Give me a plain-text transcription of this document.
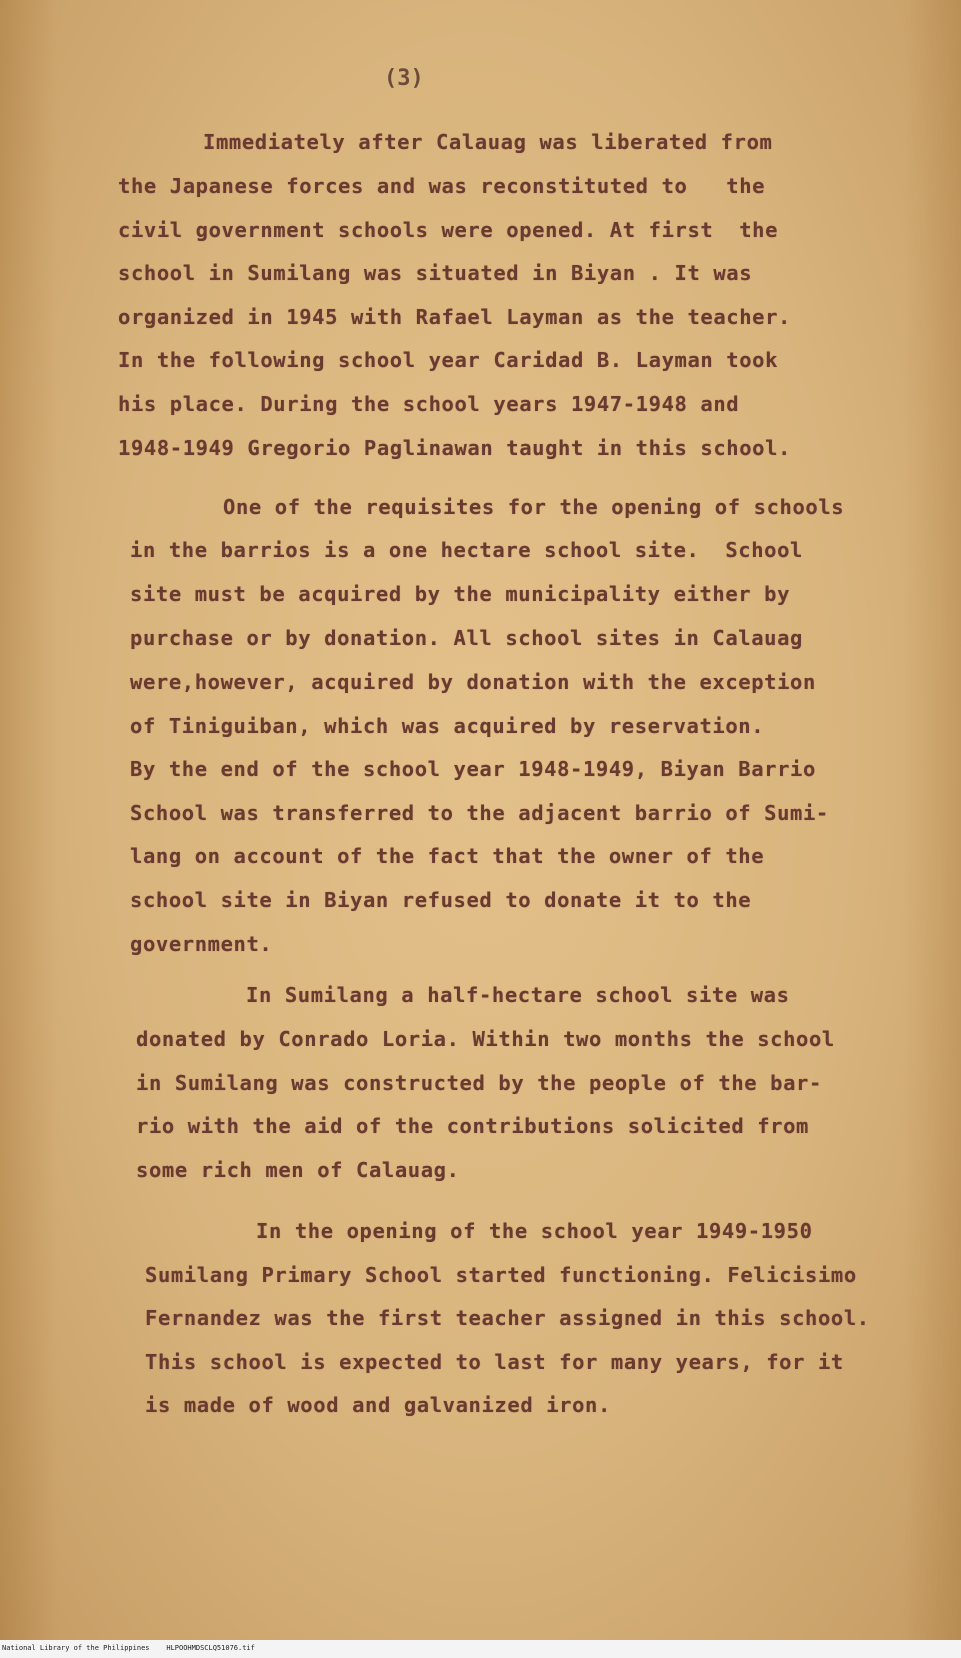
(3)
Immediately after Calauag was liberated from
the Japanese forces and was reconstituted to   the
civil government schools were opened. At first  the
school in Sumilang was situated in Biyan . It was
organized in 1945 with Rafael Layman as the teacher.
In the following school year Caridad B. Layman took
his place. During the school years 1947-1948 and
1948-1949 Gregorio Paglinawan taught in this school.
One of the requisites for the opening of schools
in the barrios is a one hectare school site.  School
site must be acquired by the municipality either by
purchase or by donation. All school sites in Calauag
were,however, acquired by donation with the exception
of Tiniguiban, which was acquired by reservation.
By the end of the school year 1948-1949, Biyan Barrio
School was transferred to the adjacent barrio of Sumi-
lang on account of the fact that the owner of the
school site in Biyan refused to donate it to the
government.
In Sumilang a half-hectare school site was
donated by Conrado Loria. Within two months the school
in Sumilang was constructed by the people of the bar-
rio with the aid of the contributions solicited from
some rich men of Calauag.
In the opening of the school year 1949-1950
Sumilang Primary School started functioning. Felicisimo
Fernandez was the first teacher assigned in this school.
This school is expected to last for many years, for it
is made of wood and galvanized iron.
National Library of the Philippines    HLPOOHMDSCLQ51076.tif
